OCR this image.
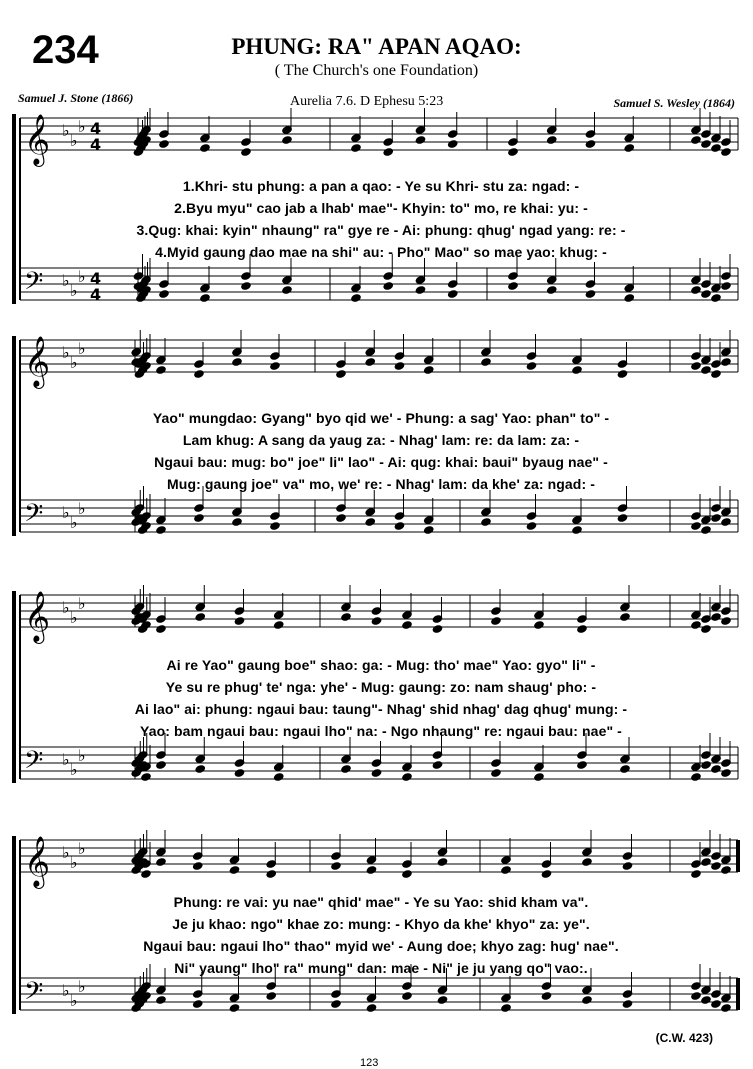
234	PHUNG: RA" APAN AQAO:
( The Church's one Foundation)
Samuel J. Stone (1866)	Aurelia 7.6. D Ephesu 5:23	Samuel S. Wesley (1864)
𝄞 ♭
♭
♭ 4
4
𝄢 ♭
♭
♭ 4
4
1.Khri- stu phung: a pan a qao: - Ye su Khri- stu za: ngad: -
2.Byu myu" cao jab a lhab' mae"- Khyin: to" mo, re khai: yu: -
3.Qug: khai: kyin" nhaung" ra" gye re - Ai: phung: qhug' ngad yang: re: -
4.Myid gaung dao mae na shi" au: - Pho" Mao" so mae yao: khug: -
𝄞 ♭
♭
♭
𝄢 ♭
♭
♭
Yao" mungdao: Gyang" byo qid we' - Phung: a sag' Yao: phan" to" -
Lam khug: A sang da yaug za: - Nhag' lam: re: da lam: za: -
Ngaui bau: mug: bo" joe" li" lao" - Ai: qug: khai: baui" byaug nae" -
Mug: gaung joe" va" mo, we' re: - Nhag' lam: da khe' za: ngad: -
𝄞 ♭
♭
♭
𝄢 ♭
♭
♭
Ai re Yao" gaung boe" shao: ga: - Mug: tho' mae" Yao: gyo" li" -
Ye su re phug' te' nga: yhe' - Mug: gaung: zo: nam shaug' pho: -
Ai lao" ai: phung: ngaui bau: taung"- Nhag' shid nhag' dag qhug' mung: -
Yao: bam ngaui bau: ngaui lho" na: - Ngo nhaung" re: ngaui bau: nae" -
𝄞 ♭
♭
♭
𝄢 ♭
♭
♭
Phung: re vai: yu nae" qhid' mae" - Ye su Yao: shid kham va".
Je ju khao: ngo" khae zo: mung: - Khyo da khe' khyo" za: ye".
Ngaui bau: ngaui lho" thao" myid we' - Aung doe; khyo zag: hug' nae".
Ni" yaung" lho" ra" mung" dan: mae - Ni" je ju yang qo" vao:.
(C.W. 423)
123
